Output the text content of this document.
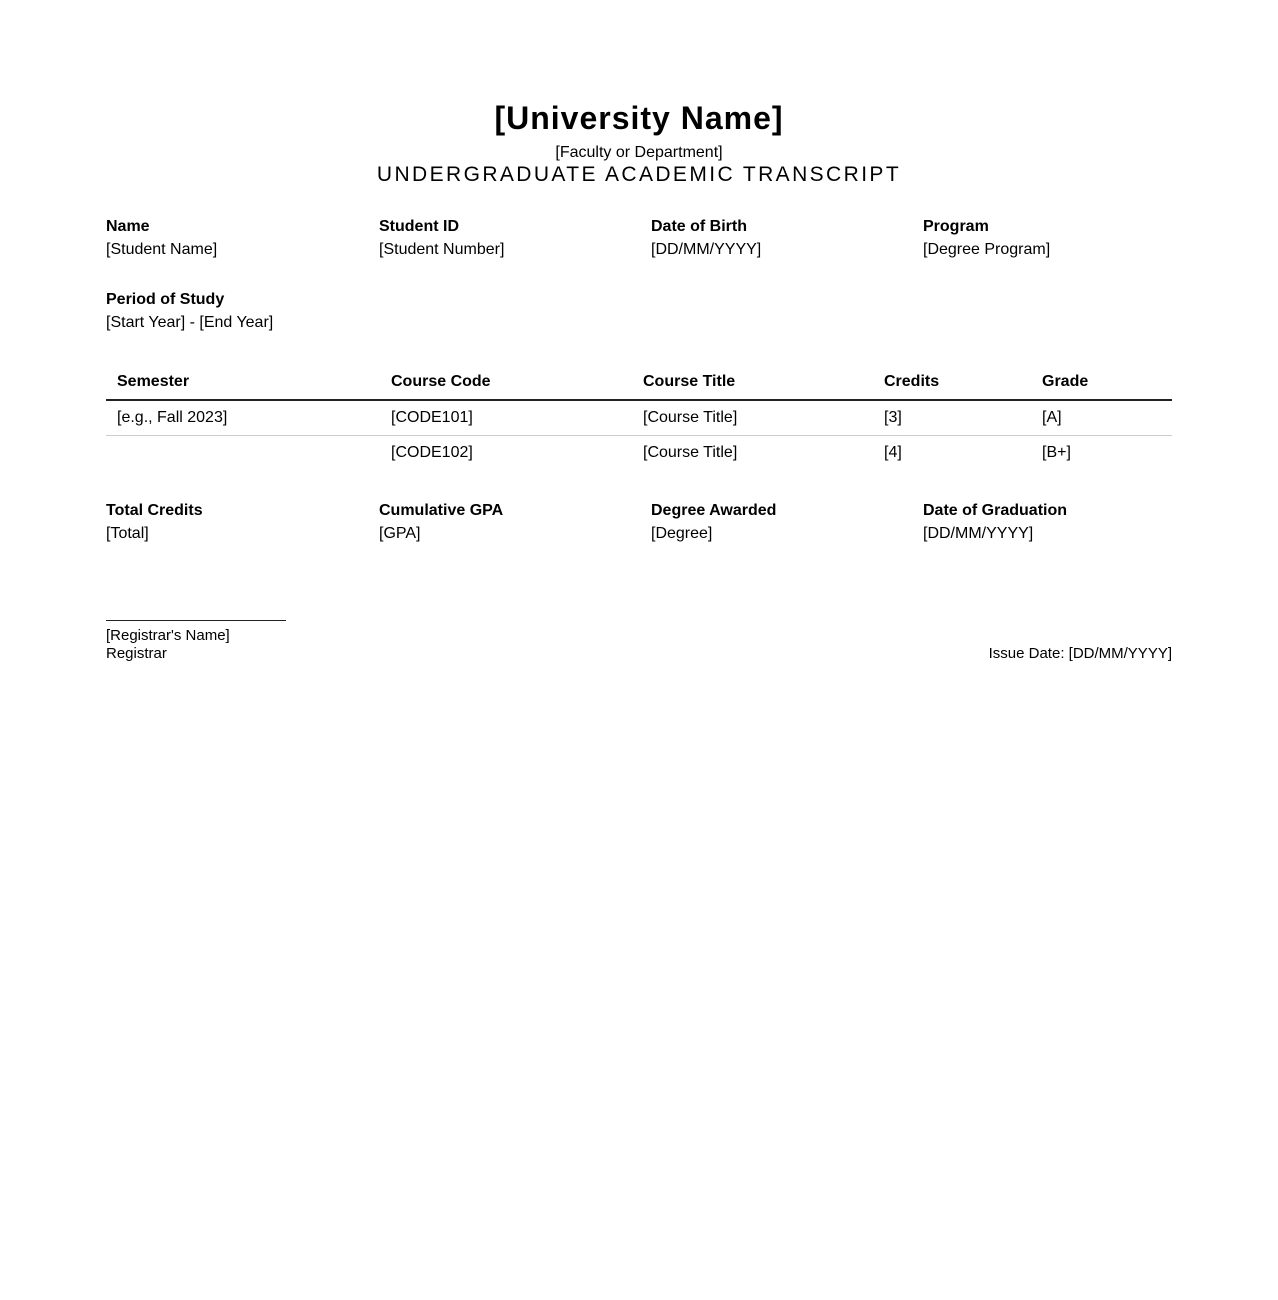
[University Name]
[Faculty or Department]
UNDERGRADUATE ACADEMIC TRANSCRIPT
Name
[Student Name]
Student ID
[Student Number]
Date of Birth
[DD/MM/YYYY]
Program
[Degree Program]
Period of Study
[Start Year] - [End Year]
Semester	Course Code	Course Title	Credits	Grade
[e.g., Fall 2023]	[CODE101]	[Course Title]	[3]	[A]
	[CODE102]	[Course Title]	[4]	[B+]
Total Credits
[Total]
Cumulative GPA
[GPA]
Degree Awarded
[Degree]
Date of Graduation
[DD/MM/YYYY]
[Registrar's Name]
Registrar	Issue Date: [DD/MM/YYYY]
